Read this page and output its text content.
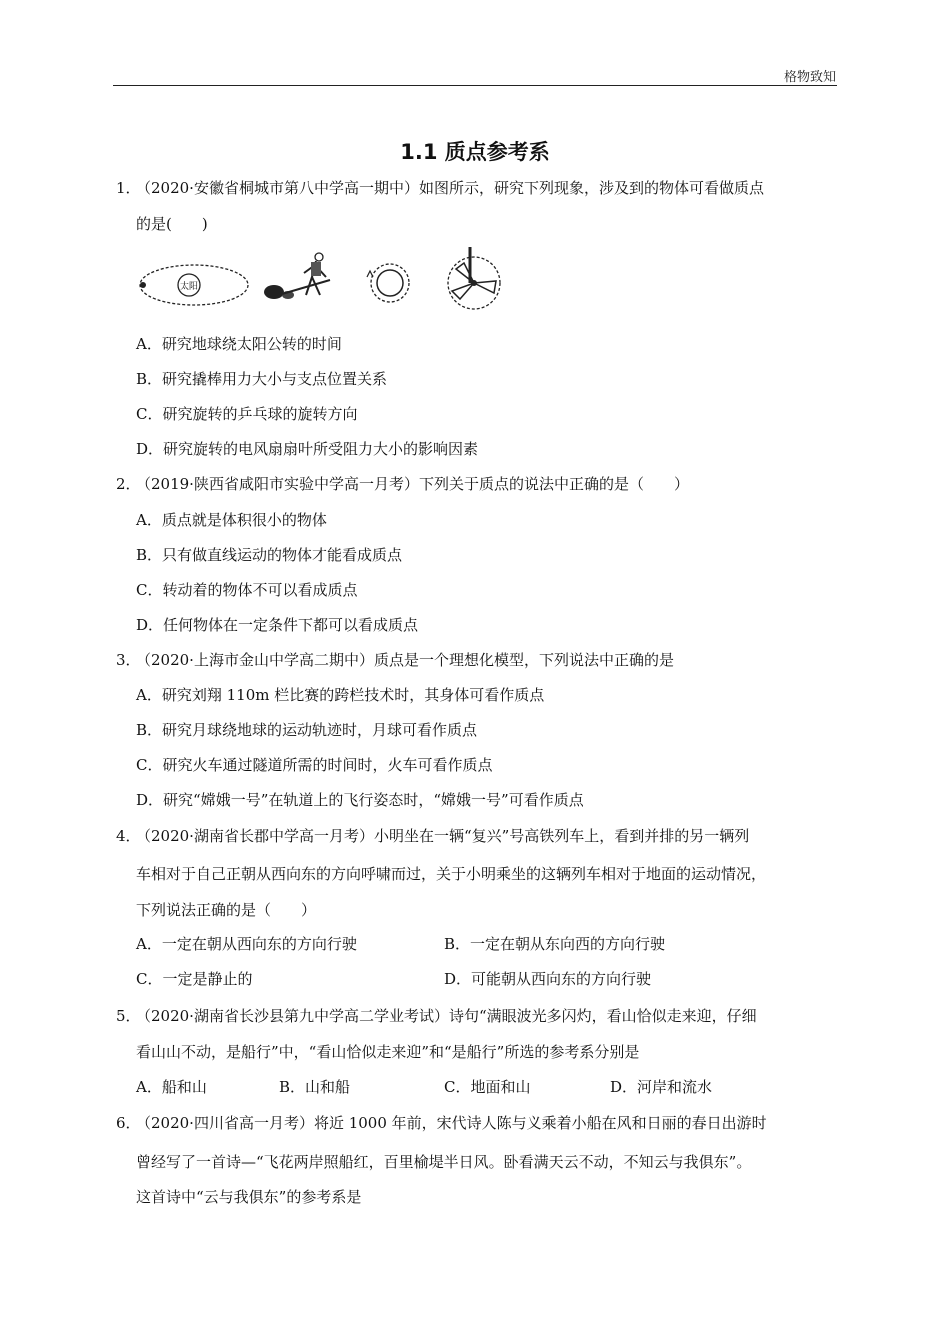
格物致知
1.1 质点参考系
1．
（2020·安徽省桐城市第八中学高一期中）如图所示，研究下列现象，涉及到的物体可看做质点
的是(　　)
太阳
A．研究地球绕太阳公转的时间
B．研究撬棒用力大小与支点位置关系
C．研究旋转的乒乓球的旋转方向
D．研究旋转的电风扇扇叶所受阻力大小的影响因素
2．
（2019·陕西省咸阳市实验中学高一月考）下列关于质点的说法中正确的是（　　）
A．质点就是体积很小的物体
B．只有做直线运动的物体才能看成质点
C．转动着的物体不可以看成质点
D．任何物体在一定条件下都可以看成质点
3．
（2020·上海市金山中学高二期中）质点是一个理想化模型，下列说法中正确的是
A．研究刘翔 110m 栏比赛的跨栏技术时，其身体可看作质点
B．研究月球绕地球的运动轨迹时，月球可看作质点
C．研究火车通过隧道所需的时间时，火车可看作质点
D．研究“嫦娥一号”在轨道上的飞行姿态时，“嫦娥一号”可看作质点
4．
（2020·湖南省长郡中学高一月考）小明坐在一辆“复兴”号高铁列车上，看到并排的另一辆列
车相对于自己正朝从西向东的方向呼啸而过，关于小明乘坐的这辆列车相对于地面的运动情况，
下列说法正确的是（　　）
A．一定在朝从西向东的方向行驶	B．一定在朝从东向西的方向行驶
C．一定是静止的	D．可能朝从西向东的方向行驶
5．
（2020·湖南省长沙县第九中学高二学业考试）诗句“满眼波光多闪灼，看山恰似走来迎，仔细
看山山不动，是船行”中，“看山恰似走来迎”和“是船行”所选的参考系分别是
A．船和山	B．山和船	C．地面和山	D．河岸和流水
6．
（2020·四川省高一月考）将近 1000 年前，宋代诗人陈与义乘着小船在风和日丽的春日出游时
曾经写了一首诗—“飞花两岸照船红，百里榆堤半日风。卧看满天云不动，不知云与我俱东”。
这首诗中“云与我俱东”的参考系是
